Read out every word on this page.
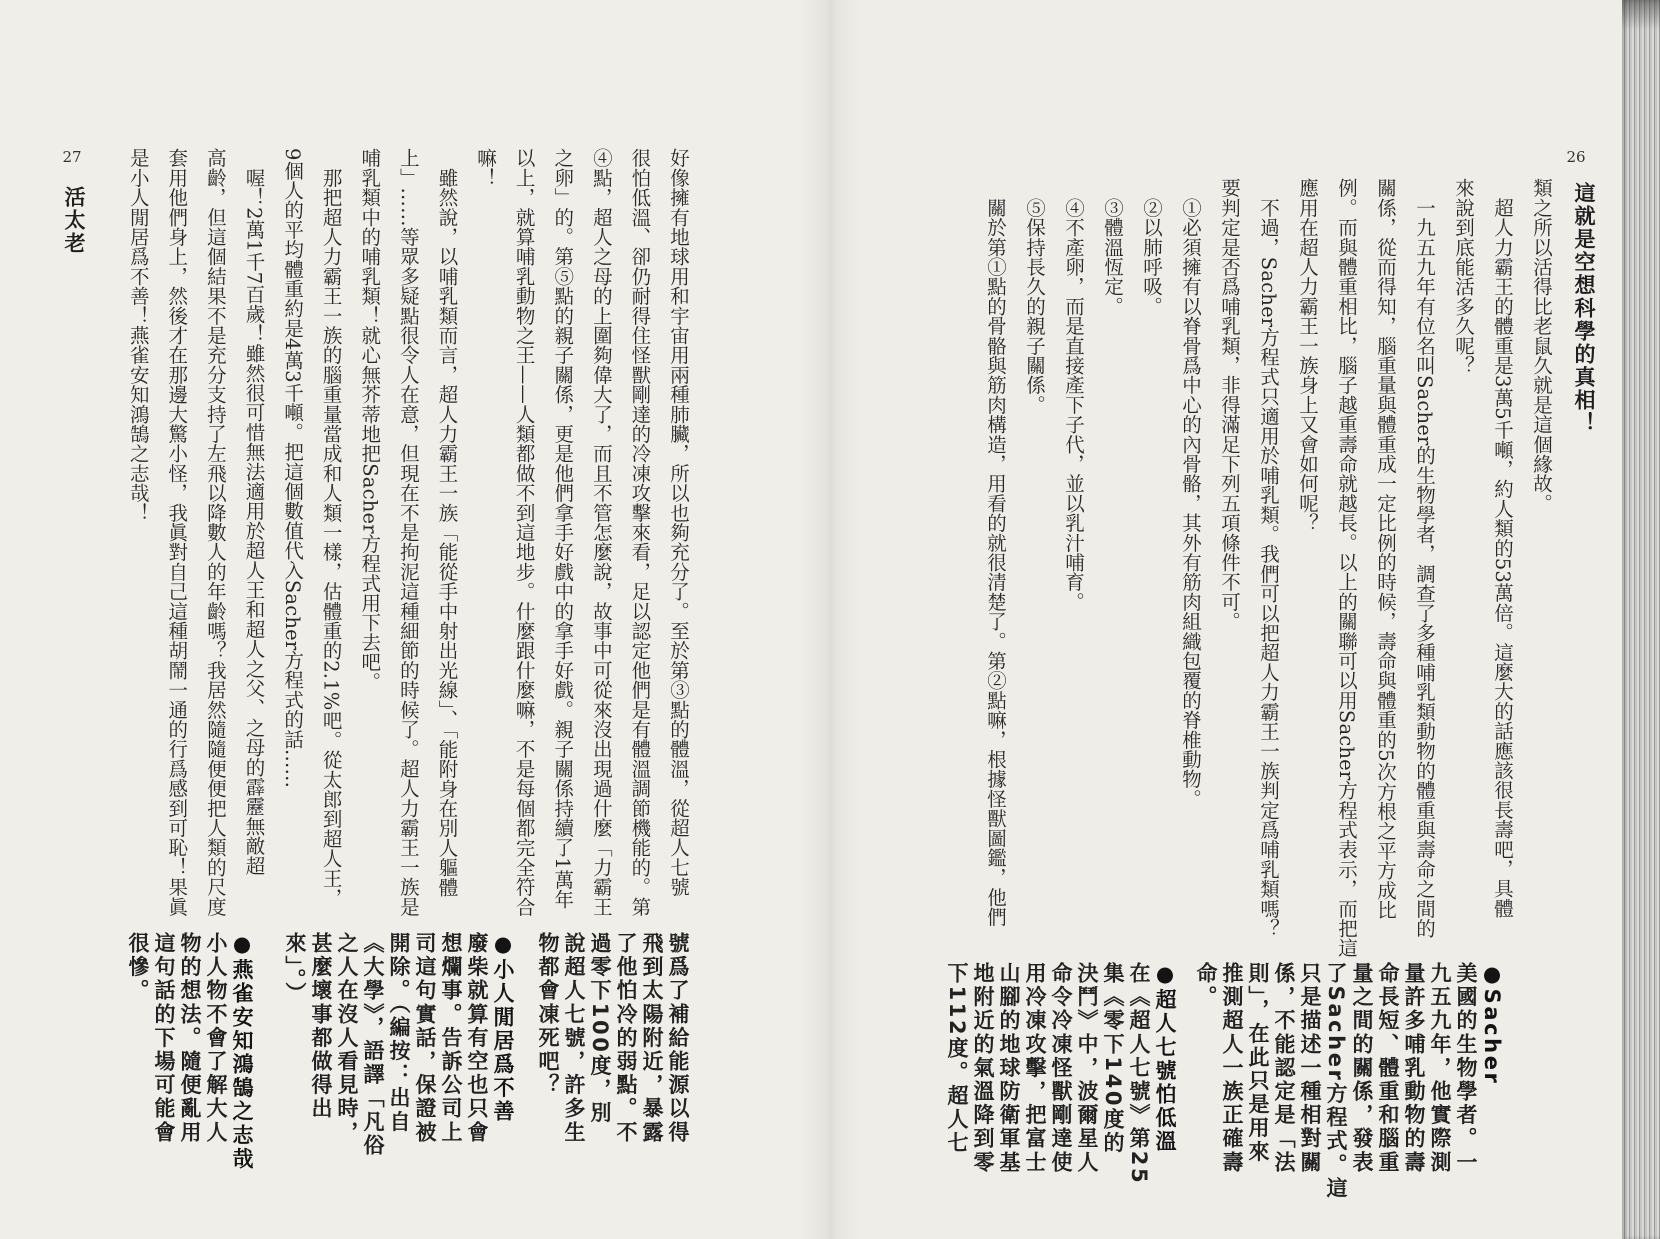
27
活太老	好像擁有地球用和宇宙用兩種肺臟，所以也夠充分了。至於第③點的體溫，從超人七號
很怕低溫、卻仍耐得住怪獸剛達的冷凍攻擊來看，足以認定他們是有體溫調節機能的。第
④點，超人之母的上圍夠偉大了，而且不管怎麼說，故事中可從來沒出現過什麼「力霸王
之卵」的。第⑤點的親子關係，更是他們拿手好戲中的拿手好戲。親子關係持續了1萬年
以上，就算哺乳動物之王——人類都做不到這地步。什麼跟什麼嘛，不是每個都完全符合
嘛！
　雖然說，以哺乳類而言，超人力霸王一族「能從手中射出光線」、「能附身在別人軀體
上」……等眾多疑點很令人在意，但現在不是拘泥這種細節的時候了。超人力霸王一族是
哺乳類中的哺乳類！就心無芥蒂地把Sacher方程式用下去吧。
　那把超人力霸王一族的腦重量當成和人類一樣，估體重的2.1%吧。從太郎到超人王，
9個人的平均體重約是4萬3千噸。把這個數值代入Sacher方程式的話……
　喔！2萬1千7百歲！雖然很可惜無法適用於超人王和超人之父、之母的霹靂無敵超
高齡，但這個結果不是充分支持了左飛以降數人的年齡嗎？我居然隨隨便便把人類的尺度
套用他們身上，然後才在那邊大驚小怪，我眞對自己這種胡鬧一通的行爲感到可恥！果眞
是小人閒居爲不善！燕雀安知鴻鵠之志哉！
號爲了補給能源以得
飛到太陽附近，暴露
了他怕冷的弱點。不
過零下100度，別
說超人七號，許多生
物都會凍死吧？
●小人閒居爲不善
廢柴就算有空也只會
想爛事。告訴公司上
司這句實話，保證被
開除。（編按：出自
《大學》，語譯「凡俗
之人在沒人看見時，
甚麼壞事都做得出
來」。）
●燕雀安知鴻鵠之志哉
小人物不會了解大人
物的想法。隨便亂用
這句話的下場可能會
很慘。
26
這就是空想科學的真相！
類之所以活得比老鼠久就是這個緣故。
　超人力霸王的體重是3萬5千噸，約人類的53萬倍。這麼大的話應該很長壽吧，具體
來說到底能活多久呢？
　一九五九年有位名叫Sacher的生物學者，調查了多種哺乳類動物的體重與壽命之間的
關係，從而得知，腦重量與體重成一定比例的時候，壽命與體重的5次方根之平方成比
例。而與體重相比，腦子越重壽命就越長。以上的關聯可以用Sacher方程式表示，而把這
應用在超人力霸王一族身上又會如何呢？
　不過，Sacher方程式只適用於哺乳類。我們可以把超人力霸王一族判定爲哺乳類嗎？
要判定是否爲哺乳類，非得滿足下列五項條件不可。
　①必須擁有以脊骨爲中心的內骨骼，其外有筋肉組織包覆的脊椎動物。
　②以肺呼吸。
　③體溫恆定。
　④不產卵，而是直接產下子代，並以乳汁哺育。
　⑤保持長久的親子關係。
　關於第①點的骨骼與筋肉構造，用看的就很清楚了。第②點嘛，根據怪獸圖鑑，他們
●Sacher
美國的生物學者。一
九五九年，他實際測
量許多哺乳動物的壽
命長短、體重和腦重
量之間的關係，發表
了Sacher方程式。這
只是描述一種相對關
係，不能認定是「法
則」，在此只是用來
推測超人一族正確壽
命。
●超人七號怕低溫
在《超人七號》第25
集《零下140度的
決鬥》中，波爾星人
命令冷凍怪獸剛達使
用冷凍攻擊，把富士
山腳的地球防衛軍基
地附近的氣溫降到零
下112度。超人七
